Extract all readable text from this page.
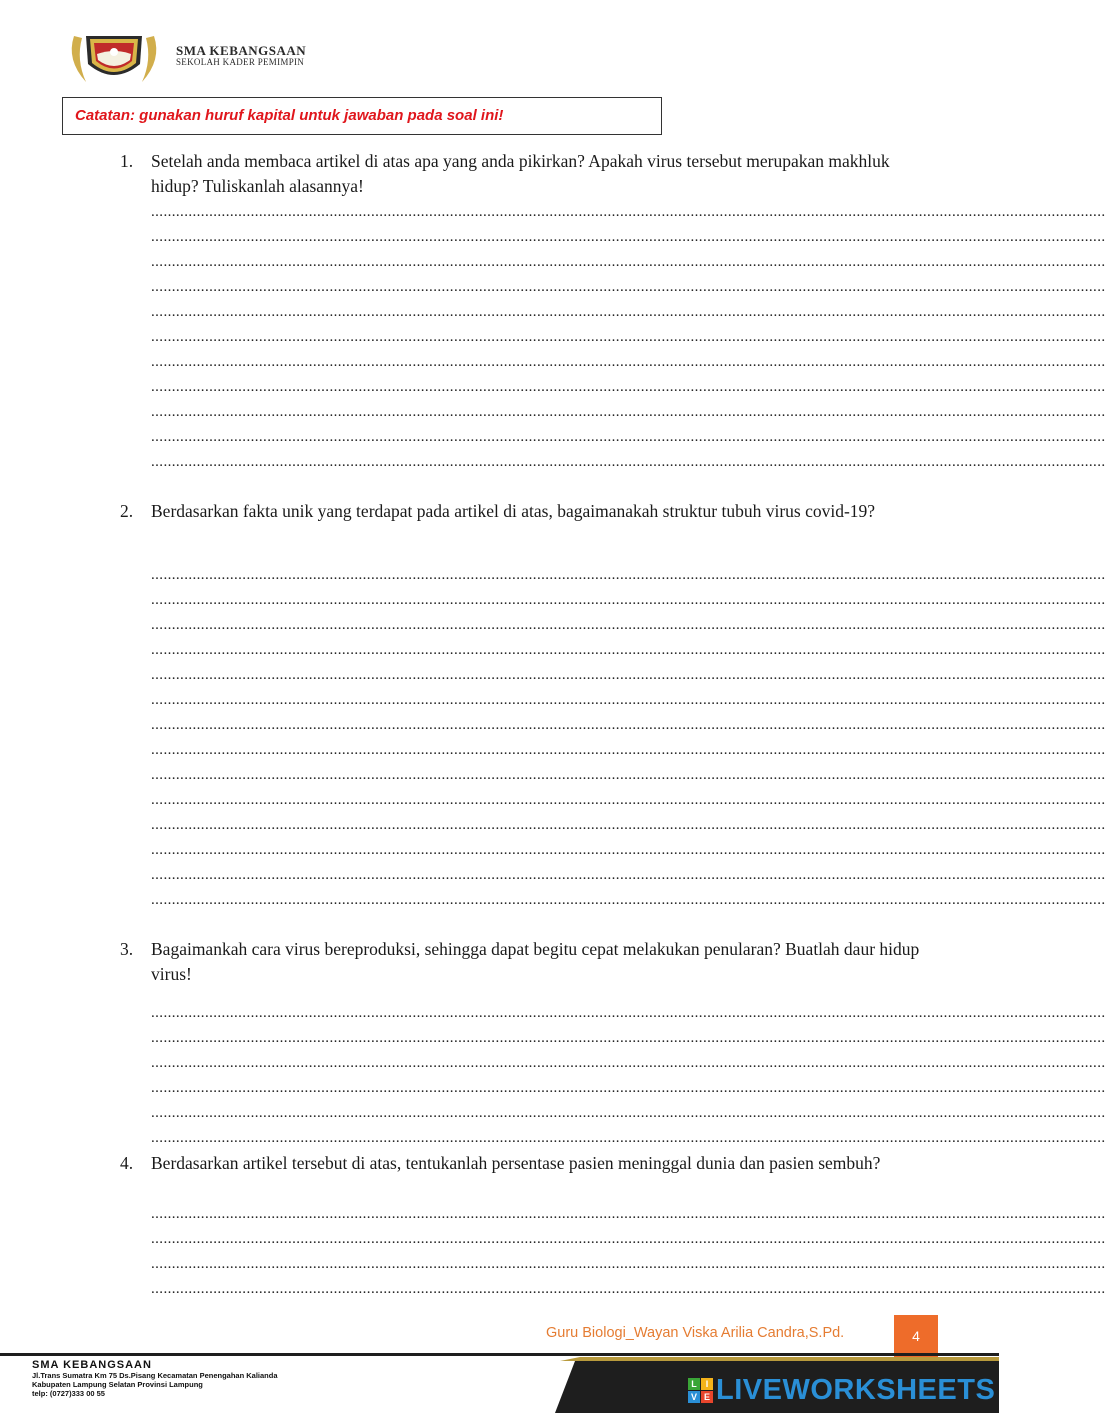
SMA KEBANGSAAN
SEKOLAH KADER PEMIMPIN
Catatan: gunakan huruf kapital untuk jawaban pada soal ini!
1. Setelah anda membaca artikel di atas apa yang anda pikirkan? Apakah virus tersebut merupakan makhluk hidup? Tuliskanlah alasannya!
......................................................................................................................................................................................................................................
......................................................................................................................................................................................................................................
......................................................................................................................................................................................................................................
......................................................................................................................................................................................................................................
......................................................................................................................................................................................................................................
......................................................................................................................................................................................................................................
......................................................................................................................................................................................................................................
......................................................................................................................................................................................................................................
......................................................................................................................................................................................................................................
......................................................................................................................................................................................................................................
......................................................................................................................................................................................................................................
2. Berdasarkan fakta unik yang terdapat pada artikel di atas, bagaimanakah struktur tubuh virus covid-19?
......................................................................................................................................................................................................................................
......................................................................................................................................................................................................................................
......................................................................................................................................................................................................................................
......................................................................................................................................................................................................................................
......................................................................................................................................................................................................................................
......................................................................................................................................................................................................................................
......................................................................................................................................................................................................................................
......................................................................................................................................................................................................................................
......................................................................................................................................................................................................................................
......................................................................................................................................................................................................................................
......................................................................................................................................................................................................................................
......................................................................................................................................................................................................................................
......................................................................................................................................................................................................................................
......................................................................................................................................................................................................................................
3. Bagaimankah cara virus bereproduksi, sehingga dapat begitu cepat melakukan penularan? Buatlah daur hidup virus!
......................................................................................................................................................................................................................................
......................................................................................................................................................................................................................................
......................................................................................................................................................................................................................................
......................................................................................................................................................................................................................................
......................................................................................................................................................................................................................................
......................................................................................................................................................................................................................................
4. Berdasarkan artikel tersebut di atas, tentukanlah persentase pasien meninggal dunia dan pasien sembuh?
......................................................................................................................................................................................................................................
......................................................................................................................................................................................................................................
......................................................................................................................................................................................................................................
......................................................................................................................................................................................................................................
Guru Biologi_Wayan Viska Arilia Candra,S.Pd.	4
SMA KEBANGSAAN
Jl.Trans Sumatra Km 75 Ds.Pisang Kecamatan Penengahan Kalianda
Kabupaten Lampung Selatan Provinsi Lampung
telp: (0727)333 00 55
L I
V E LIVEWORKSHEETS
